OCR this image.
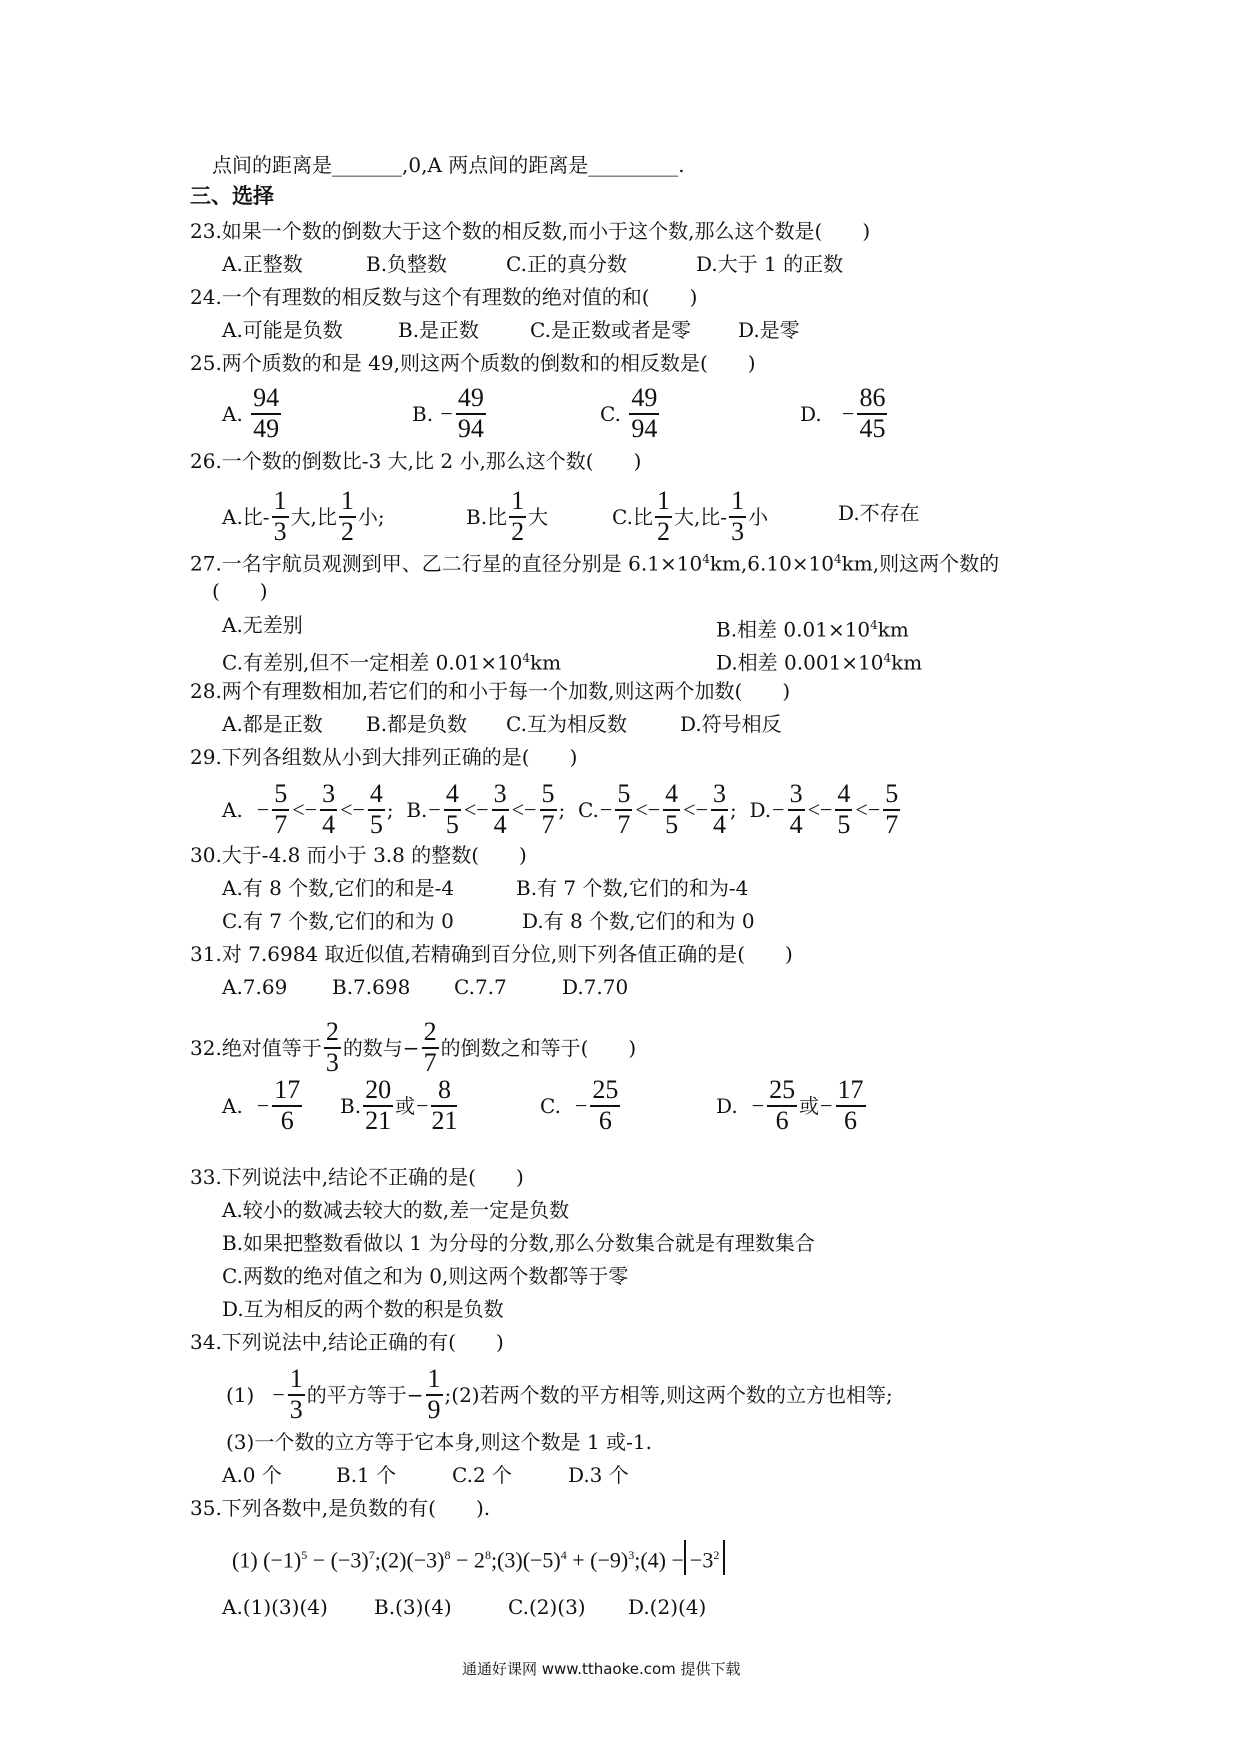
点间的距离是_______,0,A 两点间的距离是_________.
三、选择
23.如果一个数的倒数大于这个数的相反数,而小于这个数,那么这个数是(　　)
A.正整数	B.负整数	C.正的真分数	D.大于 1 的正数
24.一个有理数的相反数与这个有理数的绝对值的和(　　)
A.可能是负数	B.是正数	C.是正数或者是零 D.是零
25.两个质数的和是 49,则这两个质数的倒数和的相反数是(　　)
A. $\frac{94}{49}$	B. − $\frac{49}{94}$	C. $\frac{49}{94}$	D. − $\frac{86}{45}$
26.一个数的倒数比-3 大,比 2 小,那么这个数(　　)
A.比- $\frac{1}{3}$ 大,比 $\frac{1}{2}$ 小;	B.比 $\frac{1}{2}$ 大	C.比 $\frac{1}{2}$ 大,比- $\frac{1}{3}$ 小	D.不存在
27.一名宇航员观测到甲、乙二行星的直径分别是 $6.1\times 10^4km,6.10\times 10^4km$,则这两个数的
(　　)
A.无差别	B.相差 $0.01\times 10^4km$
C.有差别,但不一定相差 $0.01\times 10^4km$	D.相差 $0.001\times 10^4km$
28.两个有理数相加,若它们的和小于每一个加数,则这两个加数(　　)
A.都是正数 B.都是负数 C.互为相反数	D.符号相反
29.下列各组数从小到大排列正确的是(　　)
A. − $\frac{5}{7} <- \frac{3}{4} <- \frac{4}{5}$ ;  $B.- \frac{4}{5} <- \frac{3}{4} <- \frac{5}{7}$ ;  $C.- \frac{5}{7} <- \frac{4}{5} <- \frac{3}{4}$ ;  $D.- \frac{3}{4} <- \frac{4}{5} <- \frac{5}{7}$
30.大于-4.8 而小于 3.8 的整数(　　)
A.有 8 个数,它们的和是-4	B.有 7 个数,它们的和为-4
C.有 7 个数,它们的和为 0	D.有 8 个数,它们的和为 0
31.对 7.6984 取近似值,若精确到百分位,则下列各值正确的是(　　)
A.7.69 B.7.698 C.7.7	D.7.70
32.绝对值等于 $\frac{2}{3}$ 的数与− $\frac{2}{7}$ 的倒数之和等于(　　)
A. − $\frac{17}{6} B$. $\frac{20}{21}$ 或− $\frac{8}{21}$	C. − $\frac{25}{6}$	D. − $\frac{25}{6}$ 或− $\frac{17}{6}$
33.下列说法中,结论不正确的是(　　)
A.较小的数减去较大的数,差一定是负数
B.如果把整数看做以 1 为分母的分数,那么分数集合就是有理数集合
C.两数的绝对值之和为 0,则这两个数都等于零
D.互为相反的两个数的积是负数
34.下列说法中,结论正确的有(　　)
$(1) - \frac{1}{3}$ 的平方等于− $\frac{1}{9}$ ;(2)若两个数的平方相等,则这两个数的立方也相等;
(3)一个数的立方等于它本身,则这个数是 1 或-1.
A.0 个	B.1 个	C.2 个	D.3 个
35.下列各数中,是负数的有(　　).
(1) $(-1)^5$ − $(-3)^7;(2)(-3)^8$ − $2^8;(3)(-5)^4$ + $(-9)^3;(4) - -3^2$
A.(1)(3)(4) B.(3)(4)	C.(2)(3) D.(2)(4)
通通好课网 www.tthaoke.com 提供下载
